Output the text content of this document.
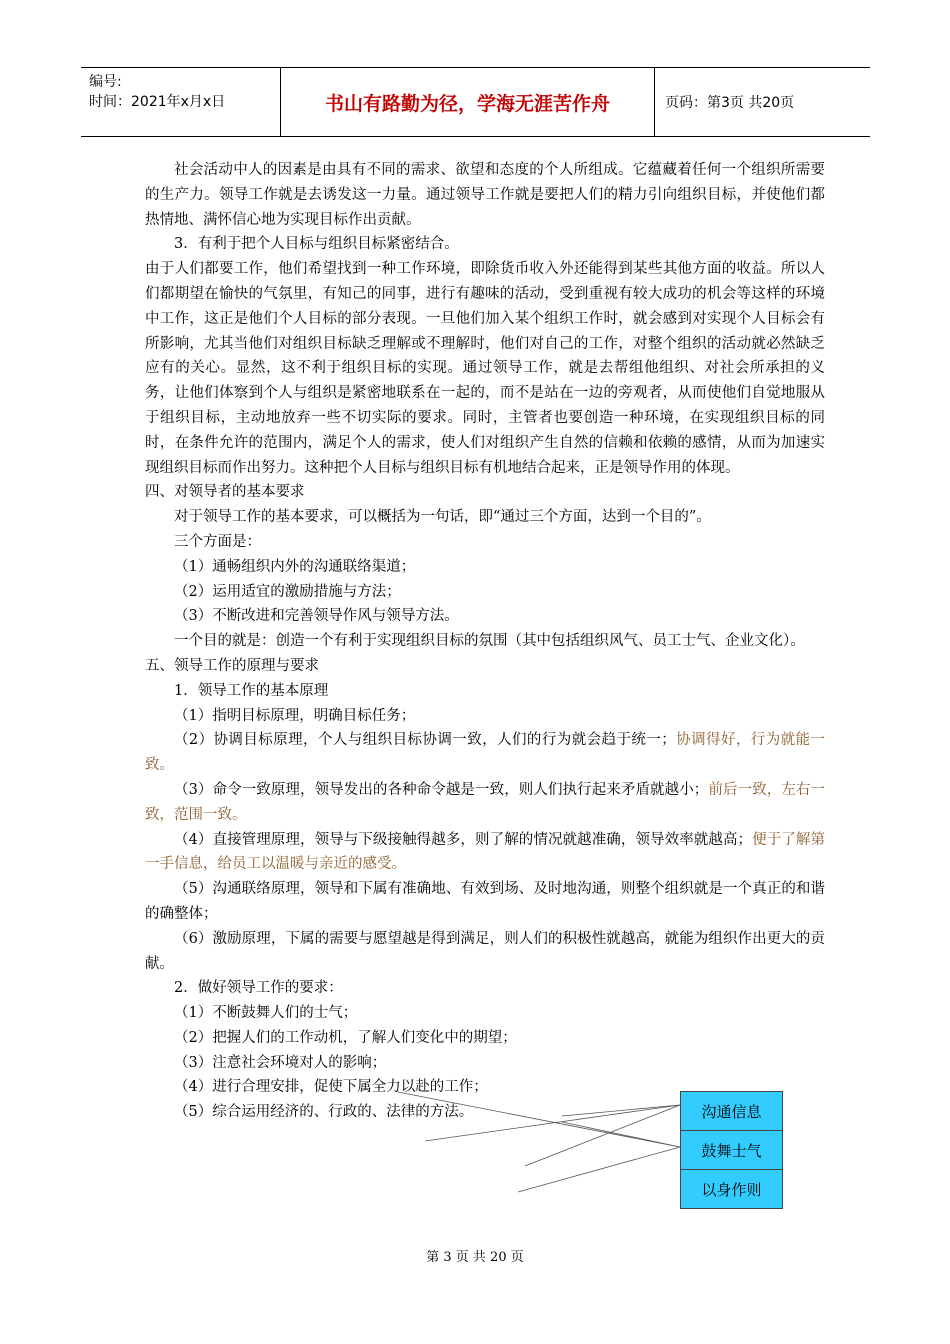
编号:
时间：2021年x月x日	书山有路勤为径，学海无涯苦作舟	页码：第3页 共20页

社会活动中人的因素是由具有不同的需求、欲望和态度的个人所组成。它蕴藏着任何一个组织所需要的生产力。领导工作就是去诱发这一力量。通过领导工作就是要把人们的精力引向组织目标，并使他们都热情地、满怀信心地为实现目标作出贡献。

3．有利于把个人目标与组织目标紧密结合。

由于人们都要工作，他们希望找到一种工作环境，即除货币收入外还能得到某些其他方面的收益。所以人们都期望在愉快的气氛里，有知己的同事，进行有趣味的活动，受到重视有较大成功的机会等这样的环境中工作，这正是他们个人目标的部分表现。一旦他们加入某个组织工作时，就会感到对实现个人目标会有所影响，尤其当他们对组织目标缺乏理解或不理解时，他们对自己的工作，对整个组织的活动就必然缺乏应有的关心。显然，这不利于组织目标的实现。通过领导工作，就是去帮组他组织、对社会所承担的义务，让他们体察到个人与组织是紧密地联系在一起的，而不是站在一边的旁观者，从而使他们自觉地服从于组织目标，主动地放弃一些不切实际的要求。同时，主管者也要创造一种环境，在实现组织目标的同时，在条件允许的范围内，满足个人的需求，使人们对组织产生自然的信赖和依赖的感情，从而为加速实现组织目标而作出努力。这种把个人目标与组织目标有机地结合起来，正是领导作用的体现。

四、对领导者的基本要求

对于领导工作的基本要求，可以概括为一句话，即“通过三个方面，达到一个目的”。

三个方面是：

（1）通畅组织内外的沟通联络渠道；

（2）运用适宜的激励措施与方法；

（3）不断改进和完善领导作风与领导方法。

一个目的就是：创造一个有利于实现组织目标的氛围（其中包括组织风气、员工士气、企业文化）。

五、领导工作的原理与要求

1．领导工作的基本原理

（1）指明目标原理，明确目标任务；

（2）协调目标原理，个人与组织目标协调一致，人们的行为就会趋于统一；协调得好，行为就能一致。

（3）命令一致原理，领导发出的各种命令越是一致，则人们执行起来矛盾就越小；前后一致，左右一致，范围一致。

（4）直接管理原理，领导与下级接触得越多，则了解的情况就越准确，领导效率就越高；便于了解第一手信息，给员工以温暖与亲近的感受。

（5）沟通联络原理，领导和下属有准确地、有效到场、及时地沟通，则整个组织就是一个真正的和谐的确整体；

（6）激励原理，下属的需要与愿望越是得到满足，则人们的积极性就越高，就能为组织作出更大的贡献。

2．做好领导工作的要求：

（1）不断鼓舞人们的士气；

（2）把握人们的工作动机，了解人们变化中的期望；

（3）注意社会环境对人的影响；

（4）进行合理安排，促使下属全力以赴的工作；

（5）综合运用经济的、行政的、法律的方法。	沟通信息
鼓舞士气
以身作则
第 3 页 共 20 页
